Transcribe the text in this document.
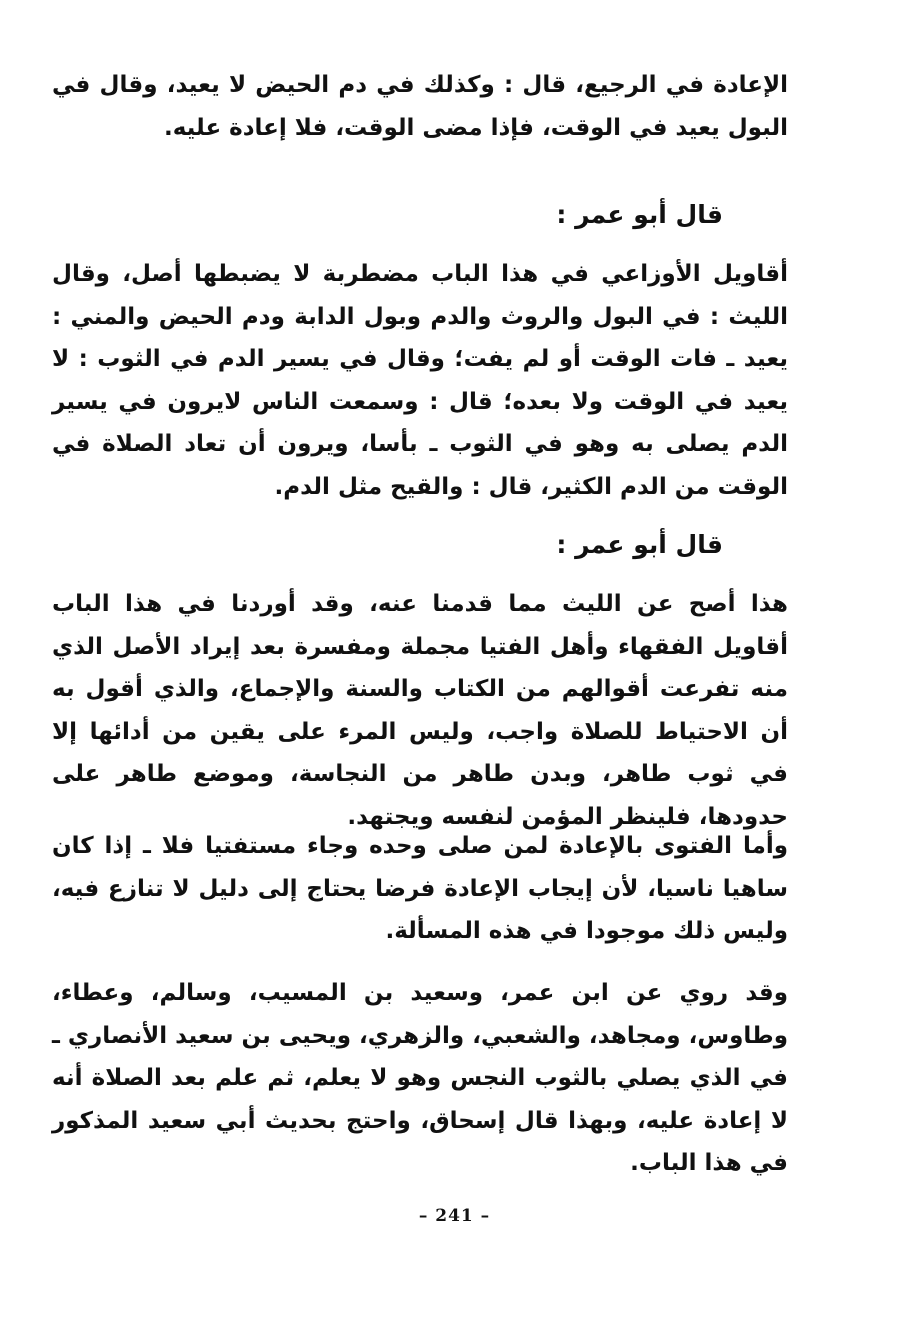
الإعادة في الرجيع، قال : وكذلك في دم الحيض لا يعيد، وقال في البول يعيد في الوقت، فإذا مضى الوقت، فلا إعادة عليه.

قال أبو عمر :

أقاويل الأوزاعي في هذا الباب مضطربة لا يضبطها أصل، وقال الليث : في البول والروث والدم وبول الدابة ودم الحيض والمني : يعيد ـ فات الوقت أو لم يفت؛ وقال في يسير الدم في الثوب : لا يعيد في الوقت ولا بعده؛ قال : وسمعت الناس لايرون في يسير الدم يصلى به وهو في الثوب ـ بأسا، ويرون أن تعاد الصلاة في الوقت من الدم الكثير، قال : والقيح مثل الدم.

قال أبو عمر :

هذا أصح عن الليث مما قدمنا عنه، وقد أوردنا في هذا الباب أقاويل الفقهاء وأهل الفتيا مجملة ومفسرة بعد إيراد الأصل الذي منه تفرعت أقوالهم من الكتاب والسنة والإجماع، والذي أقول به أن الاحتياط للصلاة واجب، وليس المرء على يقين من أدائها إلا في ثوب طاهر، وبدن طاهر من النجاسة، وموضع طاهر على حدودها، فلينظر المؤمن لنفسه ويجتهد.

وأما الفتوى بالإعادة لمن صلى وحده وجاء مستفتيا فلا ـ إذا كان ساهيا ناسيا، لأن إيجاب الإعادة فرضا يحتاج إلى دليل لا تنازع فيه، وليس ذلك موجودا في هذه المسألة.

وقد روي عن ابن عمر، وسعيد بن المسيب، وسالم، وعطاء، وطاوس، ومجاهد، والشعبي، والزهري، ويحيى بن سعيد الأنصاري ـ في الذي يصلي بالثوب النجس وهو لا يعلم، ثم علم بعد الصلاة أنه لا إعادة عليه، وبهذا قال إسحاق، واحتج بحديث أبي سعيد المذكور في هذا الباب.

– 241 –
